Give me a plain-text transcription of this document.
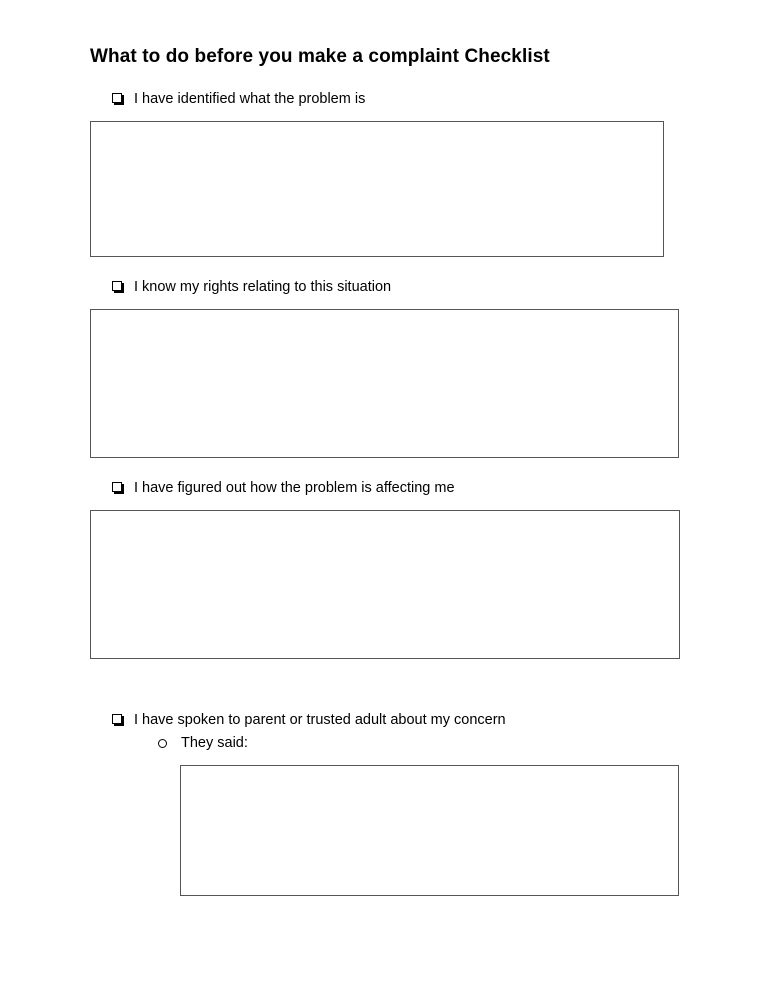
What to do before you make a complaint Checklist
I have identified what the problem is
I know my rights relating to this situation
I have figured out how the problem is affecting me
I have spoken to parent or trusted adult about my concern
They said:
